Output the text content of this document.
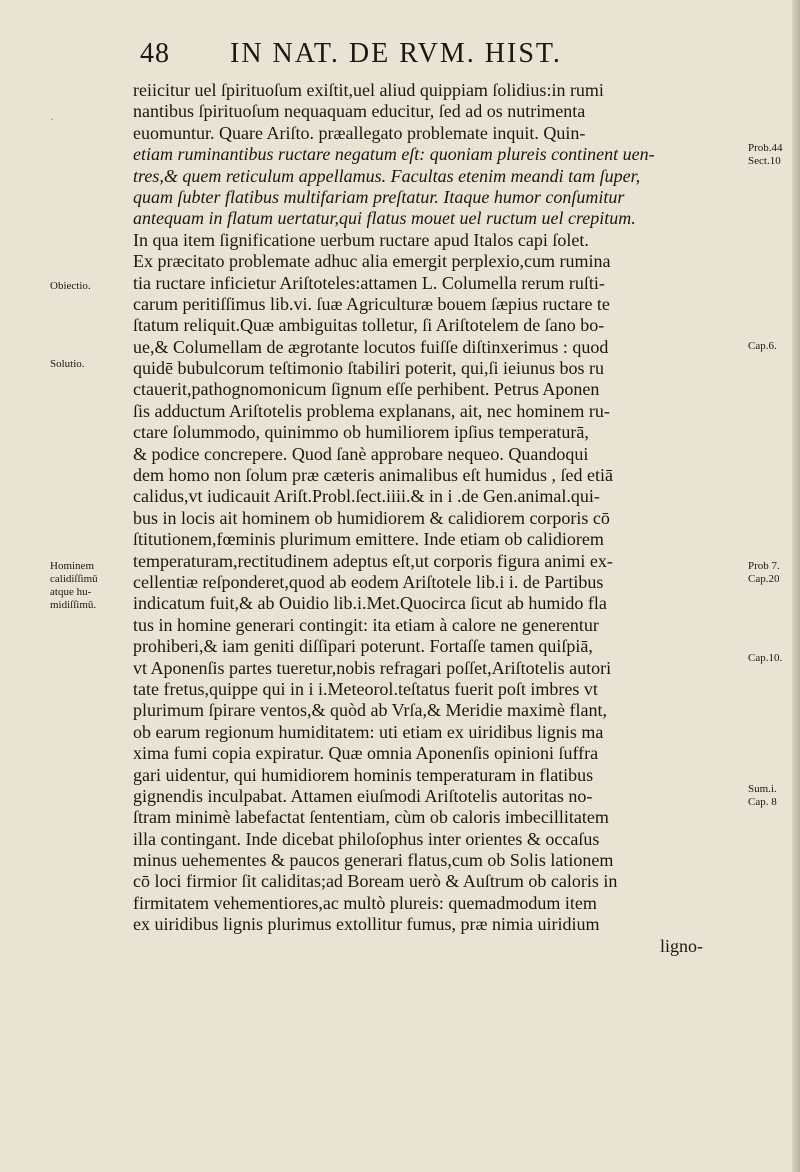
·
48 IN NAT. DE RVM. HIST.
reiicitur uel ſpirituoſum exiſtit,uel aliud quippiam ſolidius:in rumi
nantibus ſpirituoſum nequaquam educitur, ſed ad os nutrimenta
euomuntur. Quare Ariſto. præallegato problemate inquit. Quin-
etiam ruminantibus ructare negatum eſt: quoniam plureis continent uen-
tres,& quem reticulum appellamus. Facultas etenim meandi tam ſuper,
quam ſubter flatibus multifariam preſtatur. Itaque humor conſumitur
antequam in flatum uertatur,qui flatus mouet uel ructum uel crepitum.
In qua item ſignificatione uerbum ructare apud Italos capi ſolet.
Ex præcitato problemate adhuc alia emergit perplexio,cum rumina
tia ructare inficietur Ariſtoteles:attamen L. Columella rerum ruſti-
carum peritiſſimus lib.vi. ſuæ Agriculturæ bouem ſæpius ructare te
ſtatum reliquit.Quæ ambiguitas tolletur, ſi Ariſtotelem de ſano bo-
ue,& Columellam de ægrotante locutos fuiſſe diſtinxerimus : quod
quidē bubulcorum teſtimonio ſtabiliri poterit, qui,ſi ieiunus bos ru
ctauerit,pathognomonicum ſignum eſſe perhibent. Petrus Aponen
ſis adductum Ariſtotelis problema explanans, ait, nec hominem ru-
ctare ſolummodo, quinimmo ob humiliorem ipſius temperaturā,
& podice concrepere. Quod ſanè approbare nequeo. Quandoqui
dem homo non ſolum præ cæteris animalibus eſt humidus , ſed etiā
calidus,vt iudicauit Ariſt.Probl.ſect.iiii.& in i .de Gen.animal.qui-
bus in locis ait hominem ob humidiorem & calidiorem corporis cō
ſtitutionem,fœminis plurimum emittere. Inde etiam ob calidiorem
temperaturam,rectitudinem adeptus eſt,ut corporis figura animi ex-
cellentiæ reſponderet,quod ab eodem Ariſtotele lib.i i. de Partibus
indicatum fuit,& ab Ouidio lib.i.Met.Quocirca ſicut ab humido fla
tus in homine generari contingit: ita etiam à calore ne generentur
prohiberi,& iam geniti diſſipari poterunt. Fortaſſe tamen quiſpiā,
vt Aponenſis partes tueretur,nobis refragari poſſet,Ariſtotelis autori
tate fretus,quippe qui in i i.Meteorol.teſtatus fuerit poſt imbres vt
plurimum ſpirare ventos,& quòd ab Vrſa,& Meridie maximè flant,
ob earum regionum humiditatem: uti etiam ex uiridibus lignis ma
xima fumi copia expiratur. Quæ omnia Aponenſis opinioni ſuffra
gari uidentur, qui humidiorem hominis temperaturam in flatibus
gignendis inculpabat. Attamen eiuſmodi Ariſtotelis autoritas no-
ſtram minimè labefactat ſententiam, cùm ob caloris imbecillitatem
illa contingant. Inde dicebat philoſophus inter orientes & occaſus
minus uehementes & paucos generari flatus,cum ob Solis lationem
cō loci firmior ſit caliditas;ad Boream uerò & Auſtrum ob caloris in
firmitatem vehementiores,ac multò plureis: quemadmodum item
ex uiridibus lignis plurimus extollitur fumus, præ nimia uiridium
ligno-
Obiectio.
Solutio.
Hominem
calidiſſimū
atque hu-
midiſſimū.
Prob.44
Sect.10
Cap.6.
Prob 7.
Cap.20
Cap.10.
Sum.i.
Cap. 8
